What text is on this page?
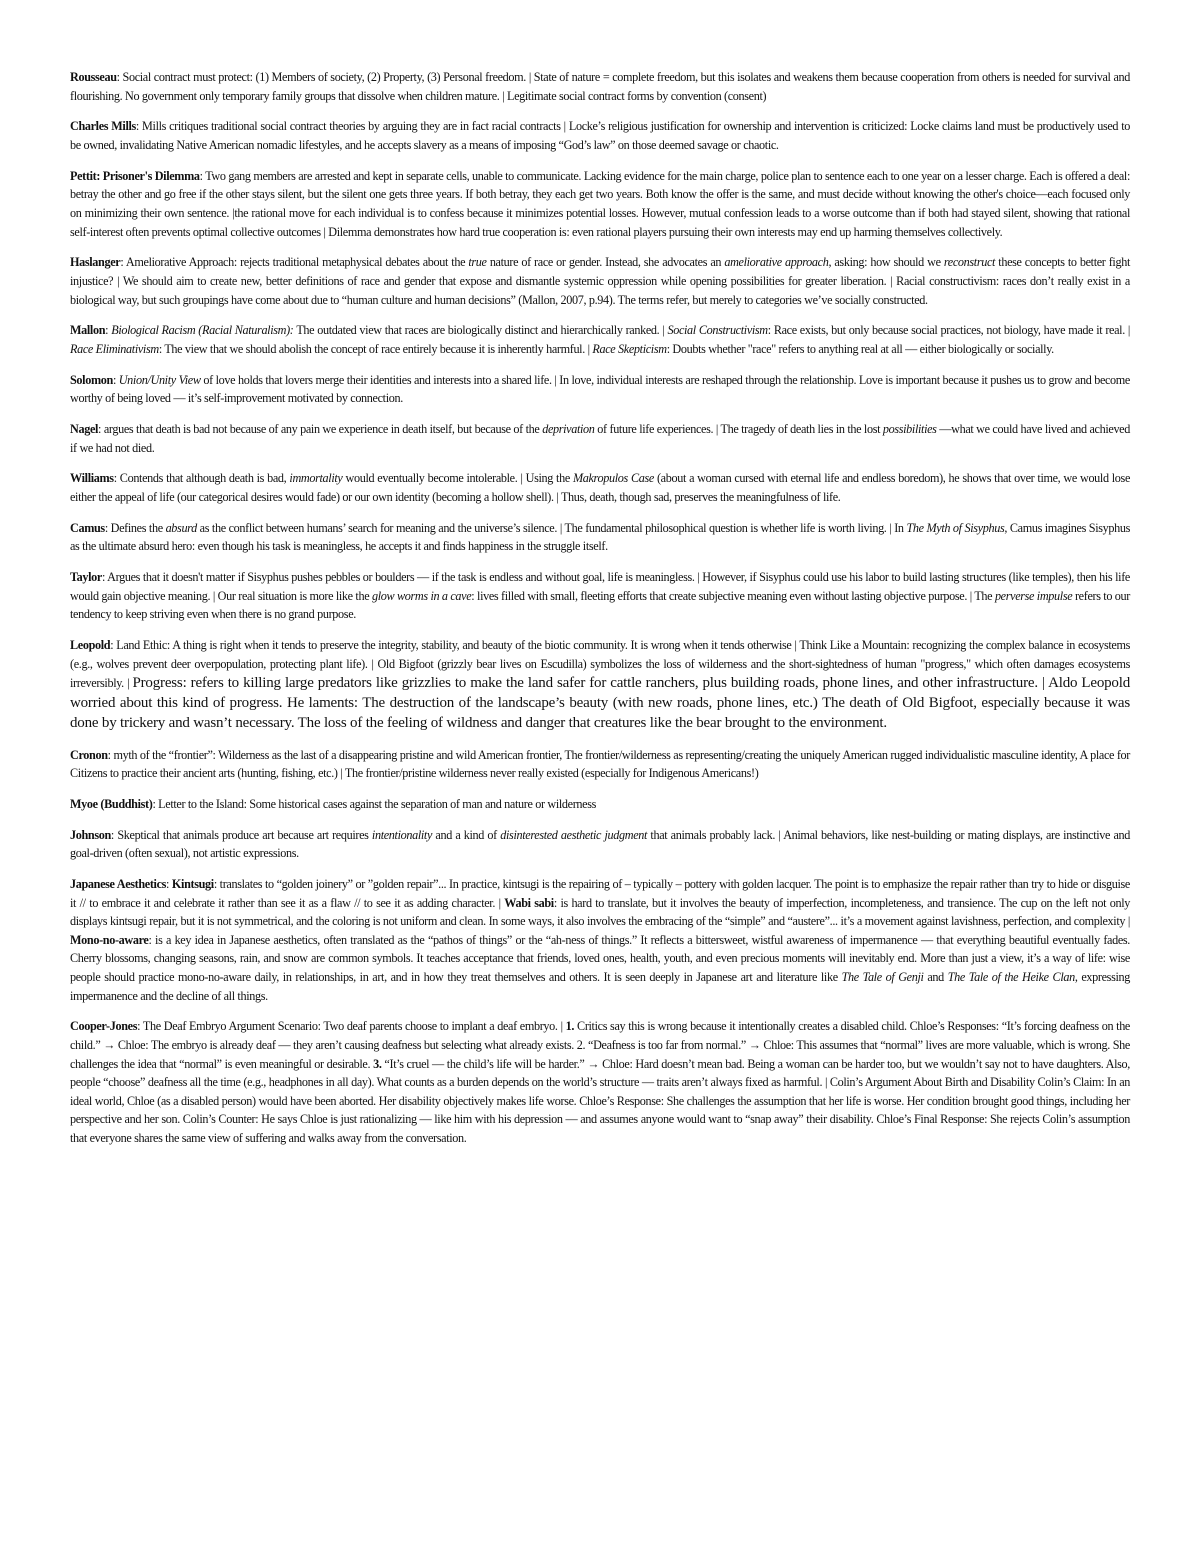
Rousseau: Social contract must protect: (1) Members of society, (2) Property, (3) Personal freedom. | State of nature = complete freedom, but this isolates and weakens them because cooperation from others is needed for survival and flourishing. No government only temporary family groups that dissolve when children mature. | Legitimate social contract forms by convention (consent)

Charles Mills: Mills critiques traditional social contract theories by arguing they are in fact racial contracts | Locke’s religious justification for ownership and intervention is criticized: Locke claims land must be productively used to be owned, invalidating Native American nomadic lifestyles, and he accepts slavery as a means of imposing “God’s law” on those deemed savage or chaotic.

Pettit: Prisoner's Dilemma: Two gang members are arrested and kept in separate cells, unable to communicate. Lacking evidence for the main charge, police plan to sentence each to one year on a lesser charge. Each is offered a deal: betray the other and go free if the other stays silent, but the silent one gets three years. If both betray, they each get two years. Both know the offer is the same, and must decide without knowing the other's choice—each focused only on minimizing their own sentence. |the rational move for each individual is to confess because it minimizes potential losses. However, mutual confession leads to a worse outcome than if both had stayed silent, showing that rational self-interest often prevents optimal collective outcomes | Dilemma demonstrates how hard true cooperation is: even rational players pursuing their own interests may end up harming themselves collectively.

Haslanger: Ameliorative Approach: rejects traditional metaphysical debates about the true nature of race or gender. Instead, she advocates an ameliorative approach, asking: how should we reconstruct these concepts to better fight injustice? | We should aim to create new, better definitions of race and gender that expose and dismantle systemic oppression while opening possibilities for greater liberation. | Racial constructivism: races don’t really exist in a biological way, but such groupings have come about due to “human culture and human decisions” (Mallon, 2007, p.94). The terms refer, but merely to categories we’ve socially constructed.

Mallon: Biological Racism (Racial Naturalism): The outdated view that races are biologically distinct and hierarchically ranked. | Social Constructivism: Race exists, but only because social practices, not biology, have made it real. | Race Eliminativism: The view that we should abolish the concept of race entirely because it is inherently harmful. | Race Skepticism: Doubts whether "race" refers to anything real at all — either biologically or socially.

Solomon: Union/Unity View of love holds that lovers merge their identities and interests into a shared life. | In love, individual interests are reshaped through the relationship. Love is important because it pushes us to grow and become worthy of being loved — it’s self-improvement motivated by connection.

Nagel: argues that death is bad not because of any pain we experience in death itself, but because of the deprivation of future life experiences. | The tragedy of death lies in the lost possibilities —what we could have lived and achieved if we had not died.

Williams: Contends that although death is bad, immortality would eventually become intolerable. | Using the Makropulos Case (about a woman cursed with eternal life and endless boredom), he shows that over time, we would lose either the appeal of life (our categorical desires would fade) or our own identity (becoming a hollow shell). | Thus, death, though sad, preserves the meaningfulness of life.

Camus: Defines the absurd as the conflict between humans’ search for meaning and the universe’s silence. | The fundamental philosophical question is whether life is worth living. | In The Myth of Sisyphus, Camus imagines Sisyphus as the ultimate absurd hero: even though his task is meaningless, he accepts it and finds happiness in the struggle itself.

Taylor: Argues that it doesn't matter if Sisyphus pushes pebbles or boulders — if the task is endless and without goal, life is meaningless. | However, if Sisyphus could use his labor to build lasting structures (like temples), then his life would gain objective meaning. | Our real situation is more like the glow worms in a cave: lives filled with small, fleeting efforts that create subjective meaning even without lasting objective purpose. | The perverse impulse refers to our tendency to keep striving even when there is no grand purpose.

Leopold: Land Ethic: A thing is right when it tends to preserve the integrity, stability, and beauty of the biotic community. It is wrong when it tends otherwise | Think Like a Mountain: recognizing the complex balance in ecosystems (e.g., wolves prevent deer overpopulation, protecting plant life). | Old Bigfoot (grizzly bear lives on Escudilla) symbolizes the loss of wilderness and the short-sightedness of human "progress," which often damages ecosystems irreversibly. | Progress: refers to killing large predators like grizzlies to make the land safer for cattle ranchers, plus building roads, phone lines, and other infrastructure. | Aldo Leopold worried about this kind of progress. He laments: The destruction of the landscape’s beauty (with new roads, phone lines, etc.) The death of Old Bigfoot, especially because it was done by trickery and wasn’t necessary. The loss of the feeling of wildness and danger that creatures like the bear brought to the environment.

Cronon: myth of the “frontier”: Wilderness as the last of a disappearing pristine and wild American frontier, The frontier/wilderness as representing/creating the uniquely American rugged individualistic masculine identity, A place for Citizens to practice their ancient arts (hunting, fishing, etc.) | The frontier/pristine wilderness never really existed (especially for Indigenous Americans!)

Myoe (Buddhist): Letter to the Island: Some historical cases against the separation of man and nature or wilderness

Johnson: Skeptical that animals produce art because art requires intentionality and a kind of disinterested aesthetic judgment that animals probably lack. | Animal behaviors, like nest-building or mating displays, are instinctive and goal-driven (often sexual), not artistic expressions.

Japanese Aesthetics: Kintsugi: translates to “golden joinery” or ”golden repair”... In practice, kintsugi is the repairing of – typically – pottery with golden lacquer. The point is to emphasize the repair rather than try to hide or disguise it // to embrace it and celebrate it rather than see it as a flaw // to see it as adding character. | Wabi sabi: is hard to translate, but it involves the beauty of imperfection, incompleteness, and transience. The cup on the left not only displays kintsugi repair, but it is not symmetrical, and the coloring is not uniform and clean. In some ways, it also involves the embracing of the “simple” and “austere”... it’s a movement against lavishness, perfection, and complexity | Mono-no-aware: is a key idea in Japanese aesthetics, often translated as the “pathos of things” or the “ah-ness of things.” It reflects a bittersweet, wistful awareness of impermanence — that everything beautiful eventually fades. Cherry blossoms, changing seasons, rain, and snow are common symbols. It teaches acceptance that friends, loved ones, health, youth, and even precious moments will inevitably end. More than just a view, it’s a way of life: wise people should practice mono-no-aware daily, in relationships, in art, and in how they treat themselves and others. It is seen deeply in Japanese art and literature like The Tale of Genji and The Tale of the Heike Clan, expressing impermanence and the decline of all things.

Cooper-Jones: The Deaf Embryo Argument Scenario: Two deaf parents choose to implant a deaf embryo. | 1. Critics say this is wrong because it intentionally creates a disabled child. Chloe’s Responses: “It’s forcing deafness on the child.” → Chloe: The embryo is already deaf — they aren’t causing deafness but selecting what already exists. 2. “Deafness is too far from normal.” → Chloe: This assumes that “normal” lives are more valuable, which is wrong. She challenges the idea that “normal” is even meaningful or desirable. 3. “It’s cruel — the child’s life will be harder.” → Chloe: Hard doesn’t mean bad. Being a woman can be harder too, but we wouldn’t say not to have daughters. Also, people “choose” deafness all the time (e.g., headphones in all day). What counts as a burden depends on the world’s structure — traits aren’t always fixed as harmful. | Colin’s Argument About Birth and Disability Colin’s Claim: In an ideal world, Chloe (as a disabled person) would have been aborted. Her disability objectively makes life worse. Chloe’s Response: She challenges the assumption that her life is worse. Her condition brought good things, including her perspective and her son. Colin’s Counter: He says Chloe is just rationalizing — like him with his depression — and assumes anyone would want to “snap away” their disability. Chloe’s Final Response: She rejects Colin’s assumption that everyone shares the same view of suffering and walks away from the conversation.
